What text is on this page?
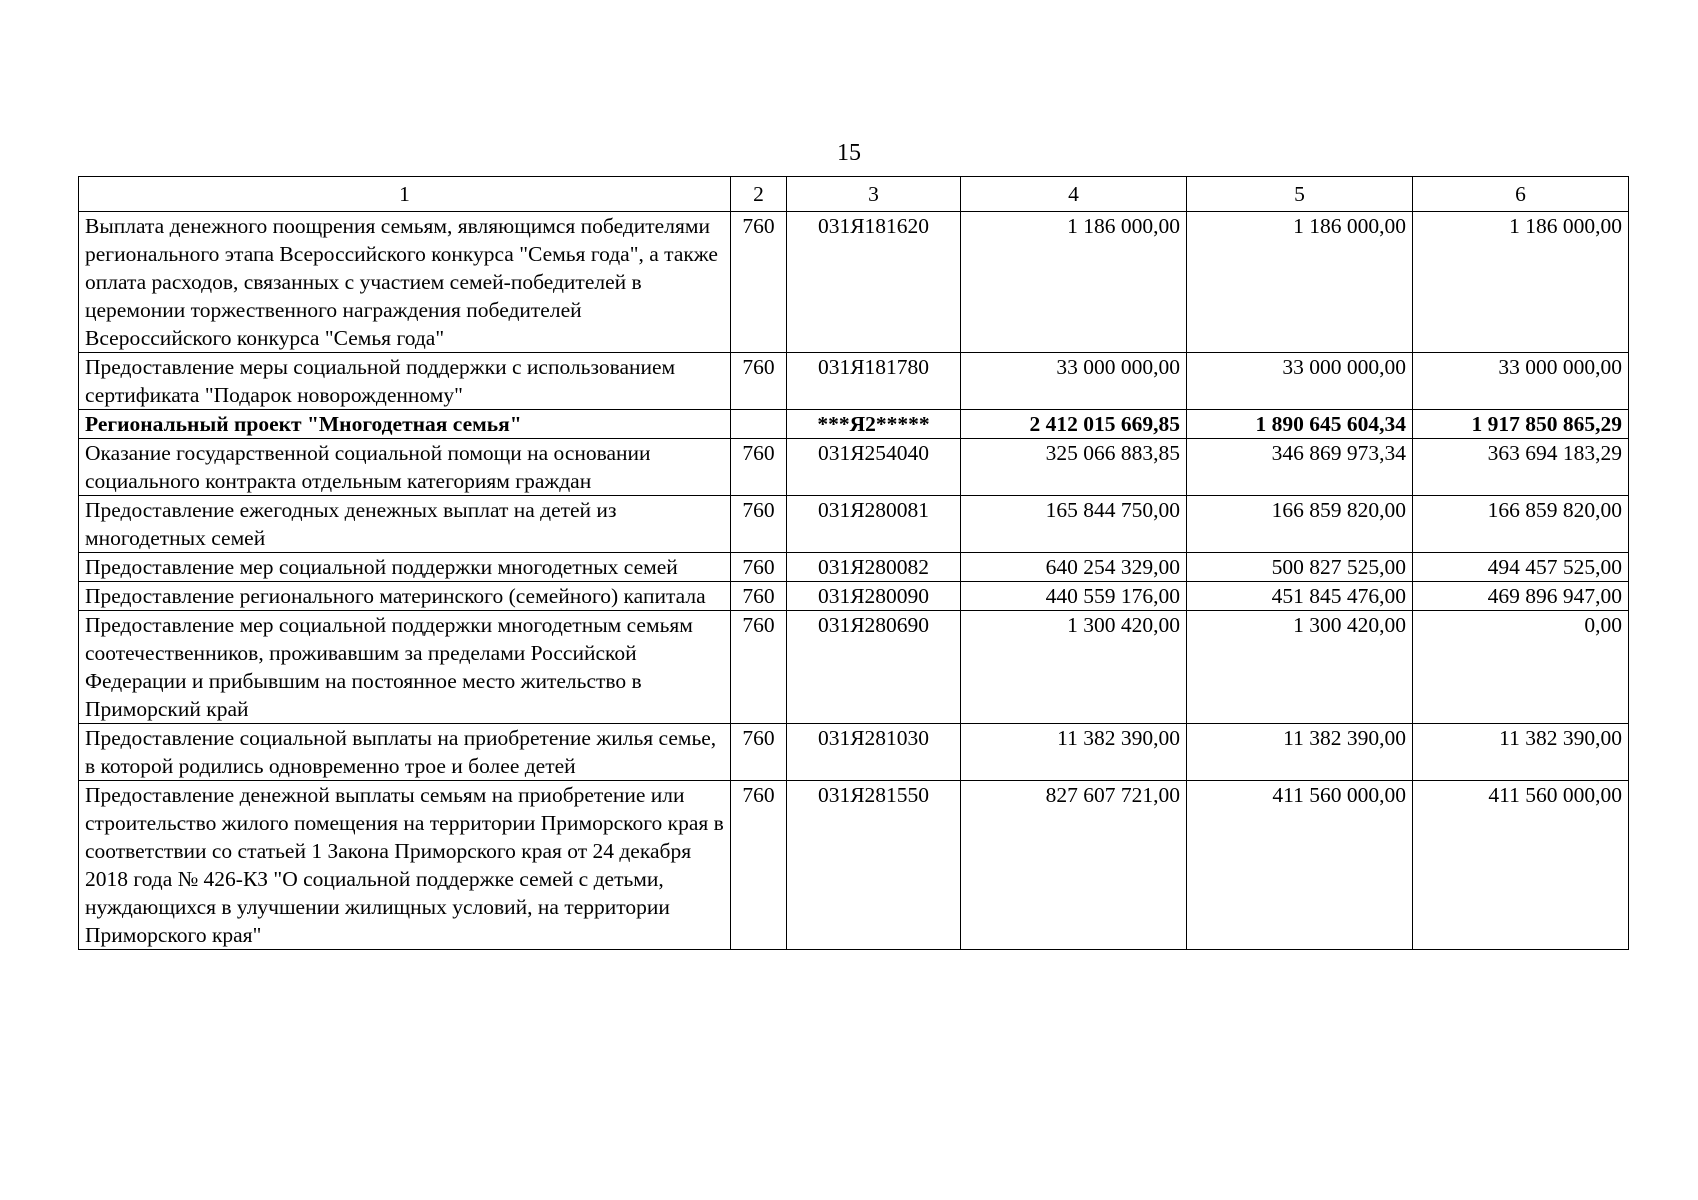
15
1	2	3	4	5	6
Выплата денежного поощрения семьям, являющимся победителями регионального этапа Всероссийского конкурса "Семья года", а также оплата расходов, связанных с участием семей-победителей в церемонии торжественного награждения победителей Всероссийского конкурса "Семья года"	760	031Я181620	1 186 000,00	1 186 000,00	1 186 000,00
Предоставление меры социальной поддержки с использованием сертификата "Подарок новорожденному"	760	031Я181780	33 000 000,00	33 000 000,00	33 000 000,00
Региональный проект "Многодетная семья"		***Я2*****	2 412 015 669,85	1 890 645 604,34	1 917 850 865,29
Оказание государственной социальной помощи на основании социального контракта отдельным категориям граждан	760	031Я254040	325 066 883,85	346 869 973,34	363 694 183,29
Предоставление ежегодных денежных выплат на детей из многодетных семей	760	031Я280081	165 844 750,00	166 859 820,00	166 859 820,00
Предоставление мер социальной поддержки многодетных семей	760	031Я280082	640 254 329,00	500 827 525,00	494 457 525,00
Предоставление регионального материнского (семейного) капитала	760	031Я280090	440 559 176,00	451 845 476,00	469 896 947,00
Предоставление мер социальной поддержки многодетным семьям соотечественников, проживавшим за пределами Российской Федерации и прибывшим на постоянное место жительство в Приморский край	760	031Я280690	1 300 420,00	1 300 420,00	0,00
Предоставление социальной выплаты на приобретение жилья семье, в которой родились одновременно трое и более детей	760	031Я281030	11 382 390,00	11 382 390,00	11 382 390,00
Предоставление денежной выплаты семьям на приобретение или строительство жилого помещения на территории Приморского края в соответствии со статьей 1 Закона Приморского края от 24 декабря 2018 года № 426-КЗ "О социальной поддержке семей с детьми, нуждающихся в улучшении жилищных условий, на территории Приморского края"	760	031Я281550	827 607 721,00	411 560 000,00	411 560 000,00
